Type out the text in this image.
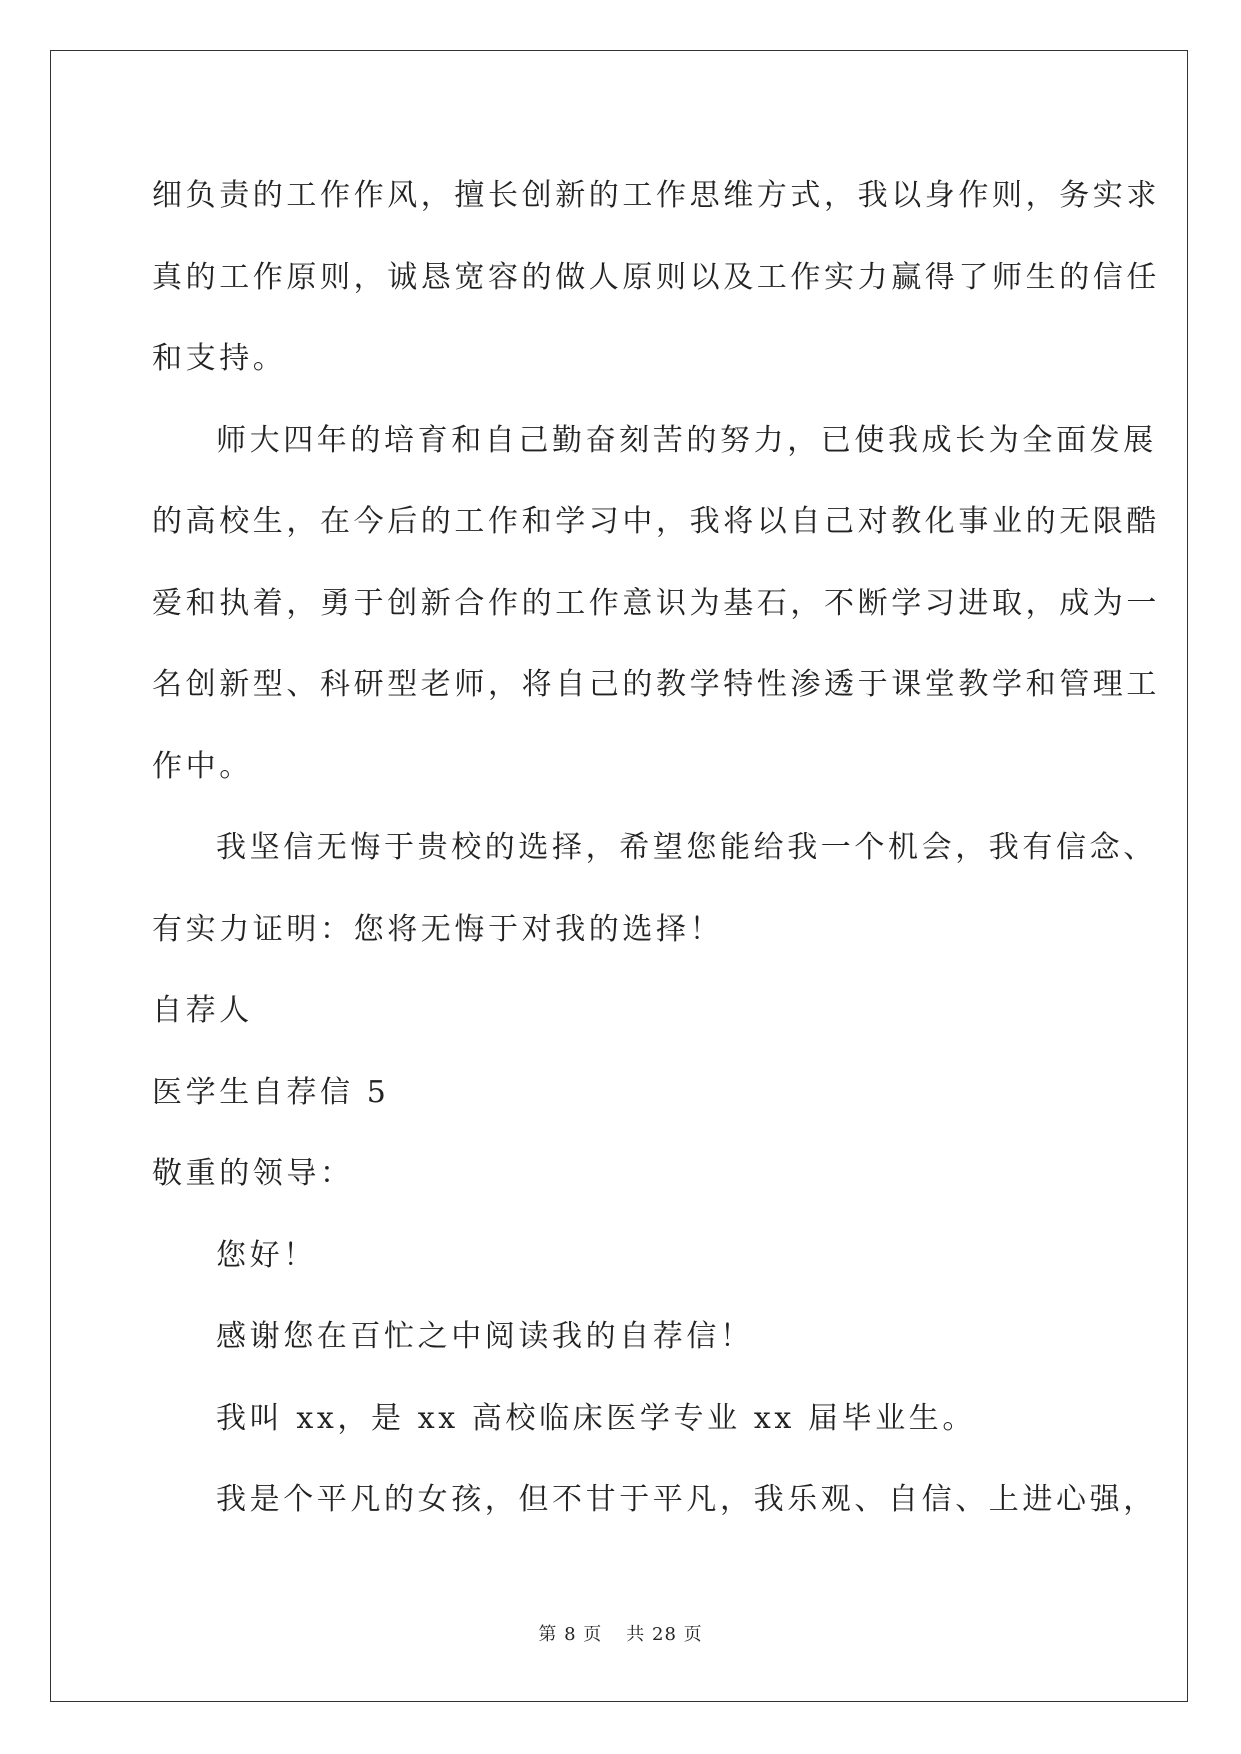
细负责的工作作风，擅长创新的工作思维方式，我以身作则，务实求
真的工作原则，诚恳宽容的做人原则以及工作实力赢得了师生的信任
和支持。
师大四年的培育和自己勤奋刻苦的努力，已使我成长为全面发展
的高校生，在今后的工作和学习中，我将以自己对教化事业的无限酷
爱和执着，勇于创新合作的工作意识为基石，不断学习进取，成为一
名创新型、科研型老师，将自己的教学特性渗透于课堂教学和管理工
作中。
我坚信无悔于贵校的选择，希望您能给我一个机会，我有信念、
有实力证明：您将无悔于对我的选择！
自荐人
医学生自荐信 5
敬重的领导：
您好！
感谢您在百忙之中阅读我的自荐信！
我叫 xx，是 xx 高校临床医学专业 xx 届毕业生。
我是个平凡的女孩，但不甘于平凡，我乐观、自信、上进心强，
第 8 页 共 28 页
